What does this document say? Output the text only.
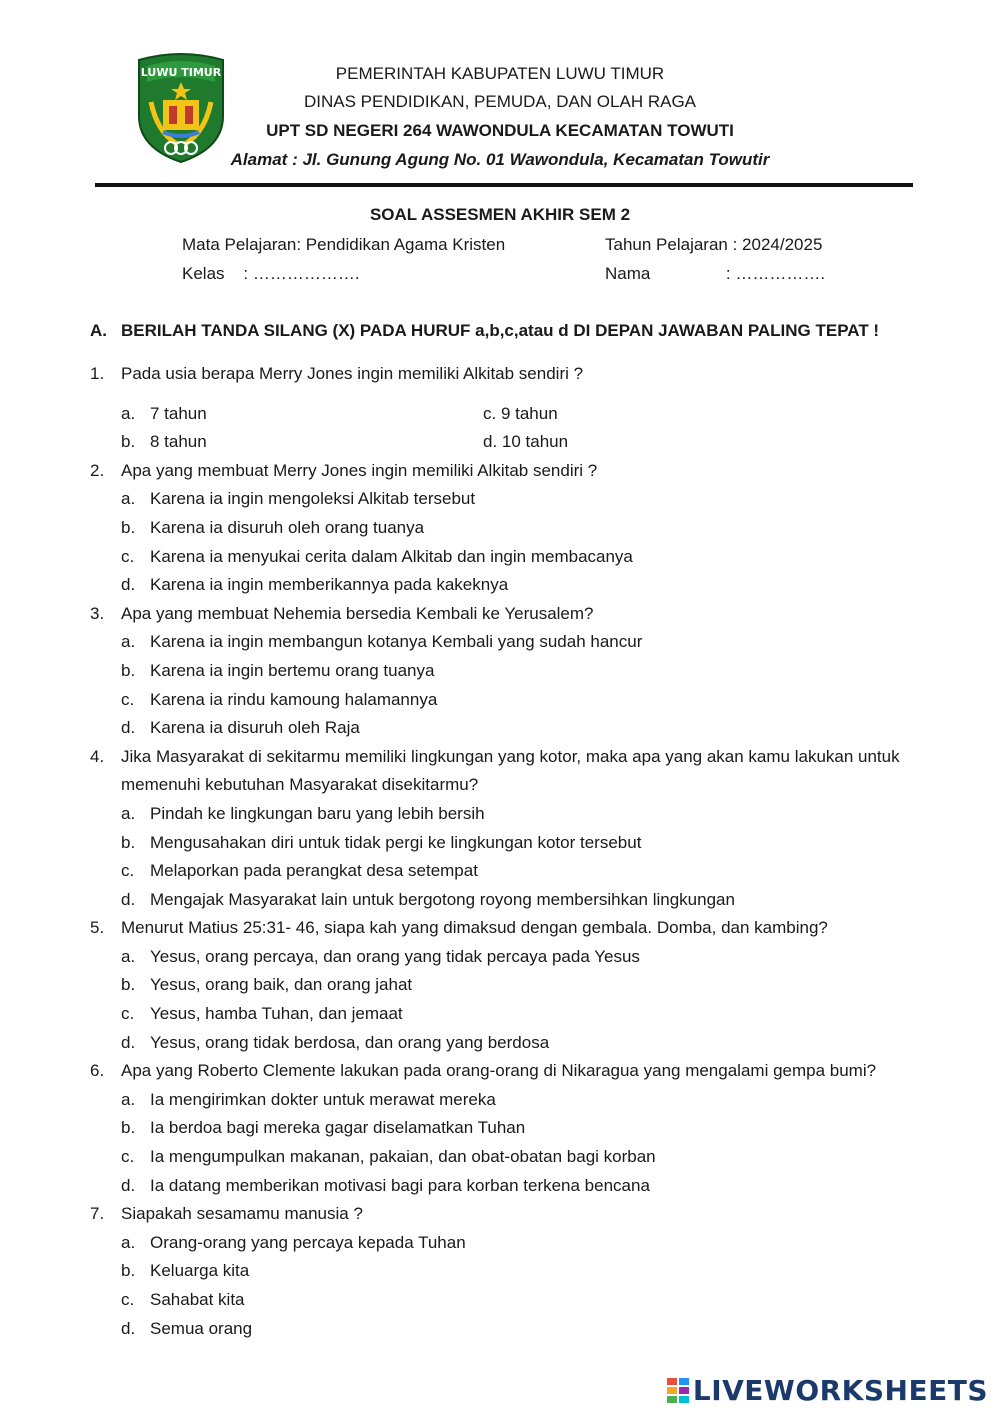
LUWU TIMUR	PEMERINTAH KABUPATEN LUWU TIMUR
DINAS PENDIDIKAN, PEMUDA, DAN OLAH RAGA
UPT SD NEGERI 264 WAWONDULA KECAMATAN TOWUTI
Alamat : Jl. Gunung Agung No. 01 Wawondula, Kecamatan Towutir
SOAL ASSESMEN AKHIR SEM 2
Mata Pelajaran: Pendidikan Agama Kristen	Tahun Pelajaran : 2024/2025
Kelas    : ……………….	Nama                : …………….
A. BERILAH TANDA SILANG (X) PADA HURUF a,b,c,atau d DI DEPAN JAWABAN PALING TEPAT !
1. Pada usia berapa Merry Jones ingin memiliki Alkitab sendiri ?
a. 7 tahun	c. 9 tahun
b. 8 tahun	d. 10 tahun
2. Apa yang membuat Merry Jones ingin memiliki Alkitab sendiri ?
a. Karena ia ingin mengoleksi Alkitab tersebut
b. Karena ia disuruh oleh orang tuanya
c. Karena ia menyukai cerita dalam Alkitab dan ingin membacanya
d. Karena ia ingin memberikannya pada kakeknya
3. Apa yang membuat Nehemia bersedia Kembali ke Yerusalem?
a. Karena ia ingin membangun kotanya Kembali yang sudah hancur
b. Karena ia ingin bertemu orang tuanya
c. Karena ia rindu kamoung halamannya
d. Karena ia disuruh oleh Raja
4. Jika Masyarakat di sekitarmu memiliki lingkungan yang kotor, maka apa yang akan kamu lakukan untuk memenuhi kebutuhan Masyarakat disekitarmu?
a. Pindah ke lingkungan baru yang lebih bersih
b. Mengusahakan diri untuk tidak pergi ke lingkungan kotor tersebut
c. Melaporkan pada perangkat desa setempat
d. Mengajak Masyarakat lain untuk bergotong royong membersihkan lingkungan
5. Menurut Matius 25:31- 46, siapa kah yang dimaksud dengan gembala. Domba, dan kambing?
a. Yesus, orang percaya, dan orang yang tidak percaya pada Yesus
b. Yesus, orang baik, dan orang jahat
c. Yesus, hamba Tuhan, dan jemaat
d. Yesus, orang tidak berdosa, dan orang yang berdosa
6. Apa yang Roberto Clemente lakukan pada orang-orang di Nikaragua yang mengalami gempa bumi?
a. Ia mengirimkan dokter untuk merawat mereka
b. Ia berdoa bagi mereka gagar diselamatkan Tuhan
c. Ia mengumpulkan makanan, pakaian, dan obat-obatan bagi korban
d. Ia datang memberikan motivasi bagi para korban terkena bencana
7. Siapakah sesamamu manusia ?
a. Orang-orang yang percaya kepada Tuhan
b. Keluarga kita
c. Sahabat kita
d. Semua orang
LIVEWORKSHEETS
